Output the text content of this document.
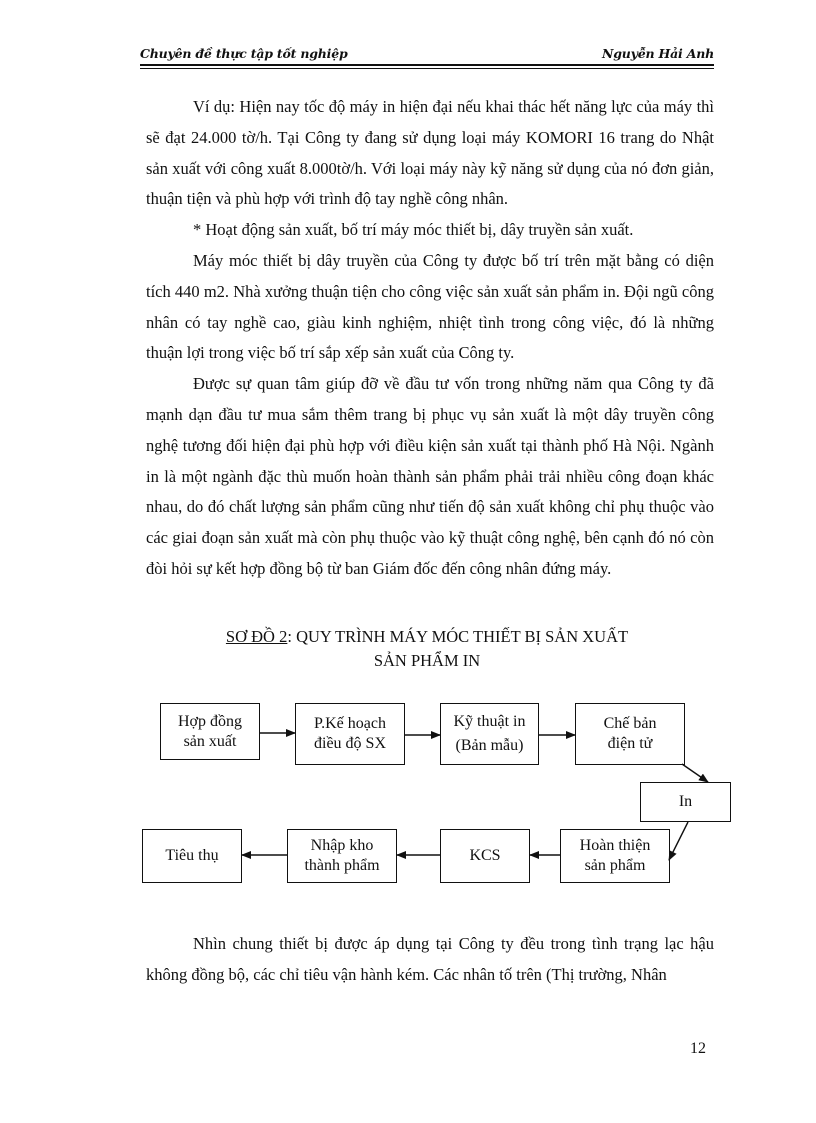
Chuyên đề thực tập tốt nghiệp	Nguyễn Hải Anh

Ví dụ: Hiện nay tốc độ máy in hiện đại nếu khai thác hết năng lực của máy thì sẽ đạt 24.000 tờ/h. Tại Công ty đang sử dụng loại máy KOMORI 16 trang do Nhật sản xuất với công xuất 8.000tờ/h. Với loại máy này kỹ năng sử dụng của nó đơn giản, thuận tiện và phù hợp với trình độ tay nghề công nhân.

* Hoạt động sản xuất, bố trí máy móc thiết bị, dây truyền sản xuất.

Máy móc thiết bị dây truyền của Công ty được bố trí trên mặt bằng có diện tích 440 m2. Nhà xưởng thuận tiện cho công việc sản xuất sản phẩm in. Đội ngũ công nhân có tay nghề cao, giàu kinh nghiệm, nhiệt tình trong công việc, đó là những thuận lợi trong việc bố trí sắp xếp sản xuất của Công ty.

Được sự quan tâm giúp đỡ về đầu tư vốn trong những năm qua Công ty đã mạnh dạn đầu tư mua sắm thêm trang bị phục vụ sản xuất là một dây truyền công nghệ tương đối hiện đại phù hợp với điều kiện sản xuất tại thành phố Hà Nội. Ngành in là một ngành đặc thù muốn hoàn thành sản phẩm phải trải nhiều công đoạn khác nhau, do đó chất lượng sản phẩm cũng như tiến độ sản xuất không chỉ phụ thuộc vào các giai đoạn sản xuất mà còn phụ thuộc vào kỹ thuật công nghệ, bên cạnh đó nó còn đòi hỏi sự kết hợp đồng bộ từ ban Giám đốc đến công nhân đứng máy.

SƠ ĐỒ 2: QUY TRÌNH MÁY MÓC THIẾT BỊ SẢN XUẤT
SẢN PHẨM IN
Hợp đồng
sản xuất
P.Kế hoạch
điều độ SX
Kỹ thuật in
(Bản mẫu)
Chế bản
điện tử
In
Hoàn thiện
sản phẩm
KCS
Nhập kho
thành phẩm
Tiêu thụ

Nhìn chung thiết bị được áp dụng tại Công ty đều trong tình trạng lạc hậu không đồng bộ, các chỉ tiêu vận hành kém. Các nhân tố trên (Thị trường, Nhân

12
